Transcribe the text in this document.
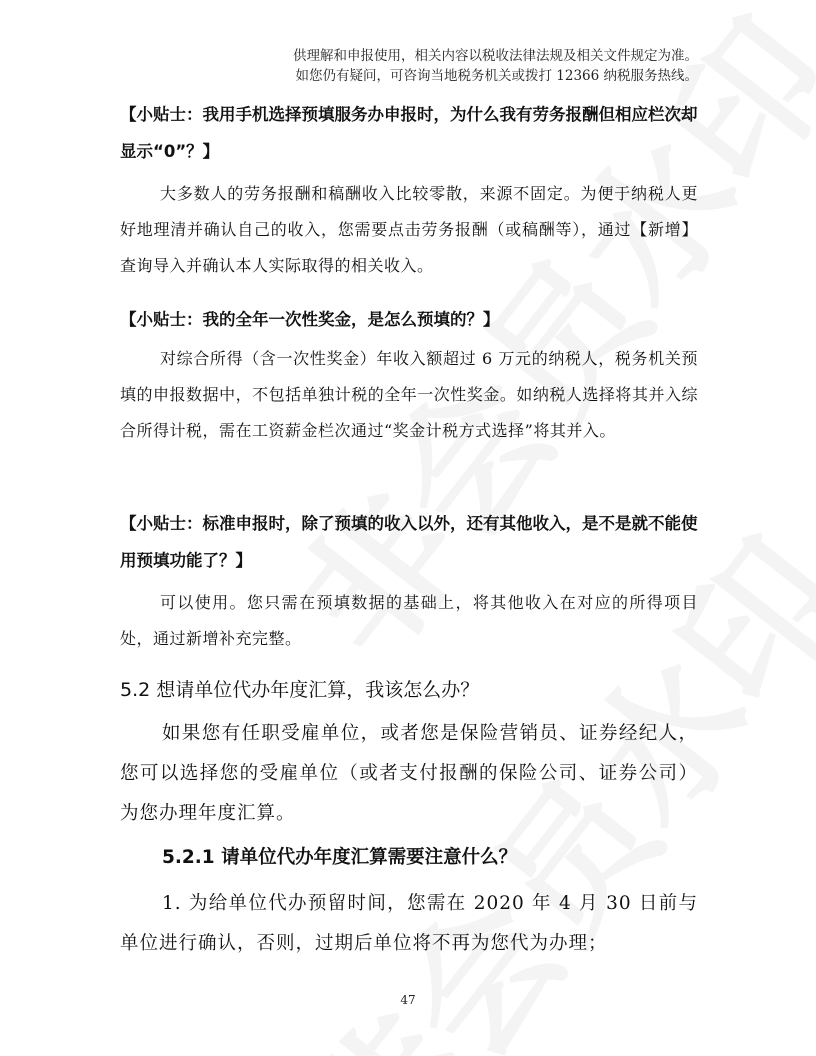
供理解和申报使用，相关内容以税收法律法规及相关文件规定为准。
如您仍有疑问，可咨询当地税务机关或拨打 12366 纳税服务热线。
【小贴士：我用手机选择预填服务办申报时，为什么我有劳务报酬但相应栏次却显示“0”？】
大多数人的劳务报酬和稿酬收入比较零散，来源不固定。为便于纳税人更好地理清并确认自己的收入，您需要点击劳务报酬（或稿酬等），通过【新增】查询导入并确认本人实际取得的相关收入。
【小贴士：我的全年一次性奖金，是怎么预填的？】
对综合所得（含一次性奖金）年收入额超过 6 万元的纳税人，税务机关预填的申报数据中，不包括单独计税的全年一次性奖金。如纳税人选择将其并入综合所得计税，需在工资薪金栏次通过“奖金计税方式选择”将其并入。
【小贴士：标准申报时，除了预填的收入以外，还有其他收入，是不是就不能使用预填功能了？】
可以使用。您只需在预填数据的基础上，将其他收入在对应的所得项目处，通过新增补充完整。
5.2 想请单位代办年度汇算，我该怎么办？
如果您有任职受雇单位，或者您是保险营销员、证券经纪人，您可以选择您的受雇单位（或者支付报酬的保险公司、证券公司）为您办理年度汇算。
5.2.1 请单位代办年度汇算需要注意什么？
1. 为给单位代办预留时间，您需在 2020 年 4 月 30 日前与单位进行确认，否则，过期后单位将不再为您代为办理；
47
